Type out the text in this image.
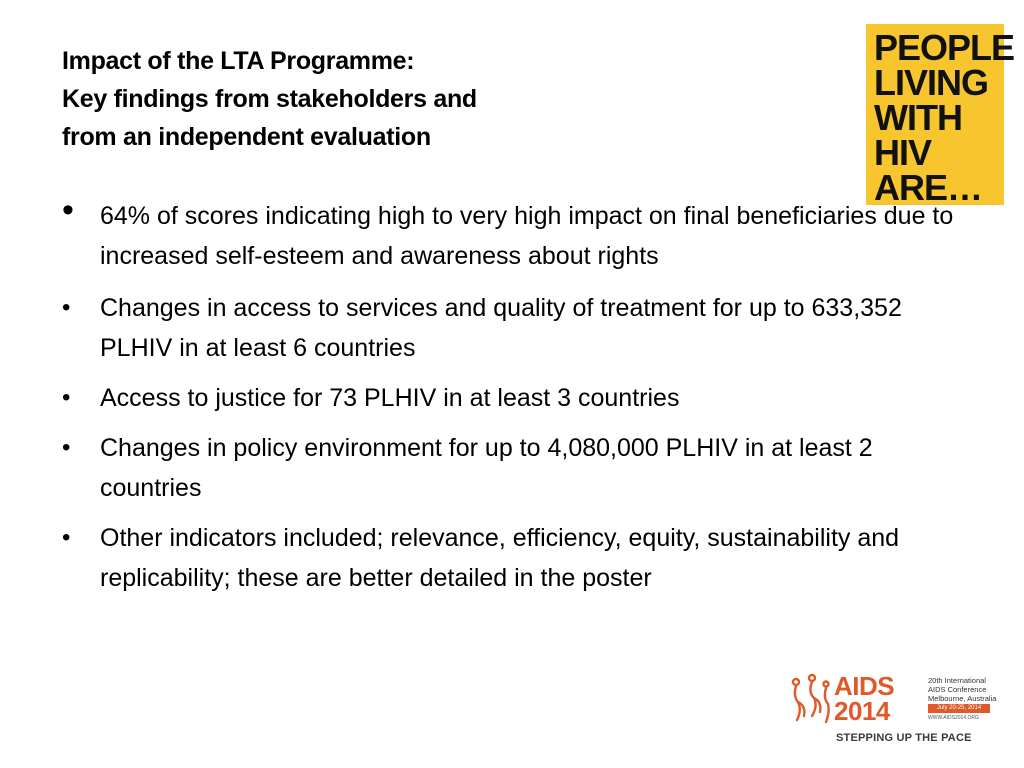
Impact of the LTA Programme:
Key findings from stakeholders and
from an independent evaluation
PEOPLE
LIVING
WITH
HIV
ARE…
•	64% of scores indicating high to very high impact on final beneficiaries due to increased self-esteem and awareness about rights
•	Changes in access to services and quality of treatment for up to 633,352 PLHIV in at least 6 countries
•	Access to justice for 73 PLHIV in at least 3 countries
•	Changes in policy environment for up to 4,080,000 PLHIV in at least 2 countries
•	Other indicators included; relevance, efficiency, equity, sustainability and replicability; these are better detailed in the poster
AIDS
2014
20th International
AIDS Conference
Melbourne, Australia
July 20-25, 2014
WWW.AIDS2014.ORG
STEPPING UP THE PACE
